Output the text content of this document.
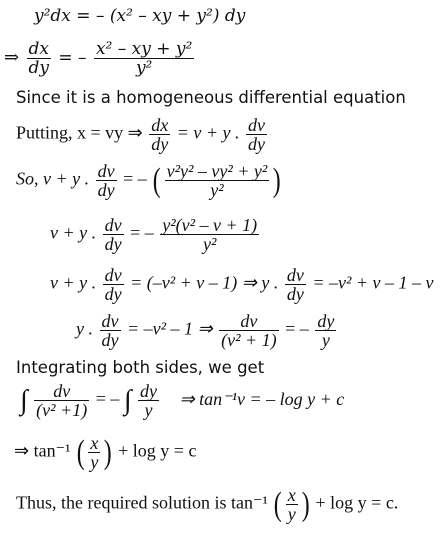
y²dx = – (x² – xy + y²) dy
⇒ $\frac{dx}{dy}$ = – $\frac{\text{x² – xy + y²}}{\text{y²}}$
Since it is a homogeneous differential equation
Putting, x = vy ⇒ $\frac{dx}{dy} = v + y$ . $\frac{dv}{dy}$
So, v + y . $\frac{dv}{dy}$ = – ( $\frac{\text{v²y² – vy² + y²}}{\text{y²}}$ )
v + y . $\frac{dv}{dy}$ = – $\frac{\text{y²(v² – v + 1)}}{\text{y²}}$
v + y . $\frac{dv}{dy} = (-v^2 + v - 1)$ ⇒ y . $\frac{dv}{dy} = -v^2 + v - 1 - v$
y . $\frac{dv}{dy} = -v^2 - 1$ ⇒ $\frac{dv}{\text{(v² + 1)}}$ = – $\frac{dy}{y}$
Integrating both sides, we get
∫ $\frac{dv}{\text{(v² +1)}}$ = – ∫ $\frac{dy}{y}$ ⇒ tan⁻¹v = – log y + c
⇒ tan⁻¹ ( $\frac{x}{y}$ ) + log y = c
Thus, the required solution is tan⁻¹ ( $\frac{x}{y}$ ) + log y = c.
